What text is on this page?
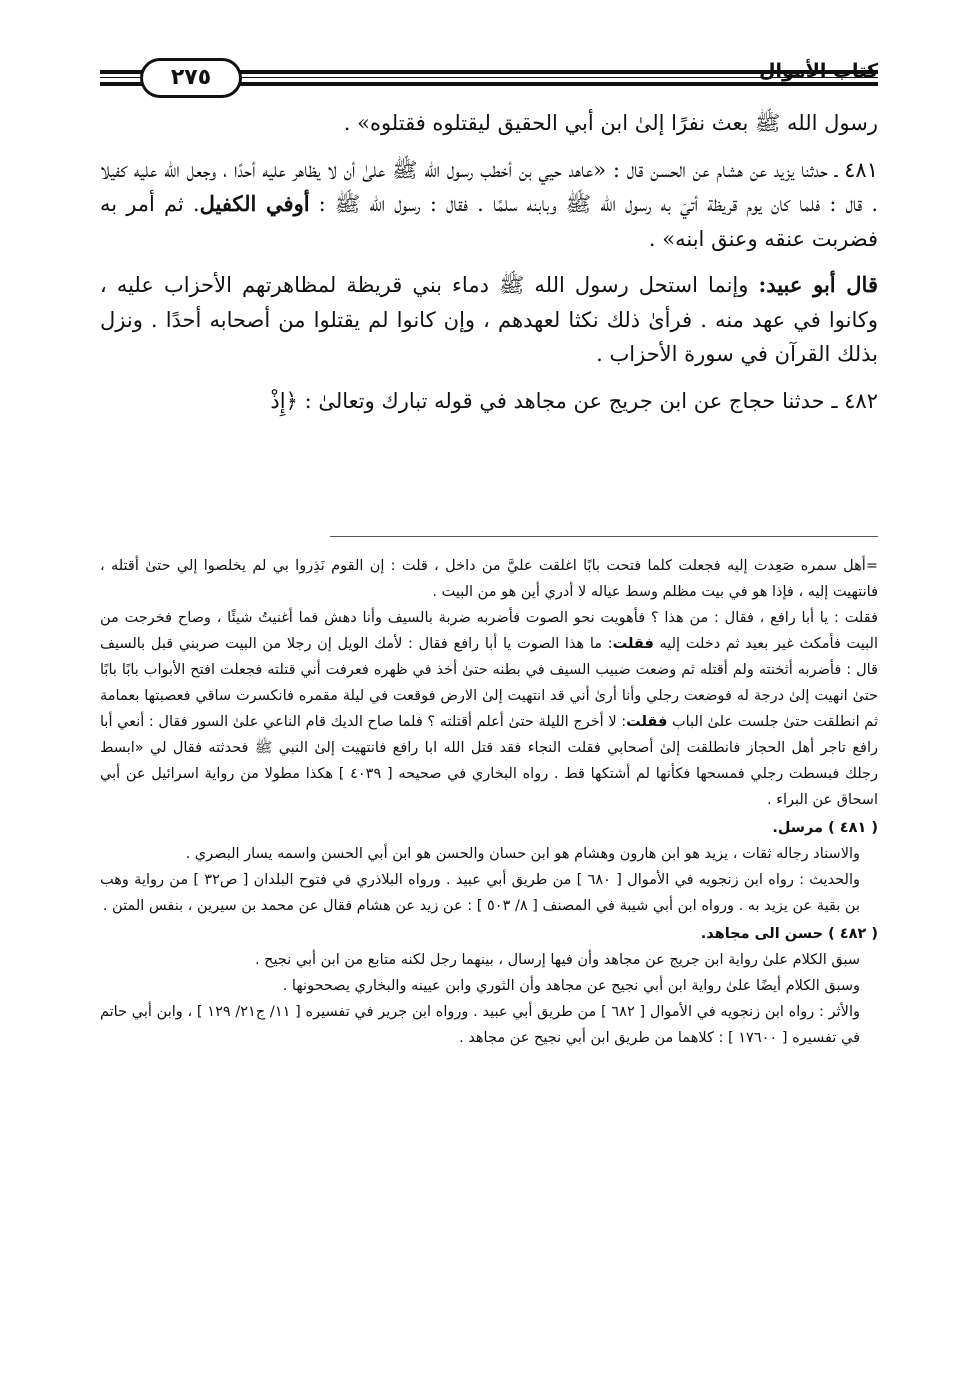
٢٧٥

رسول الله ﷺ بعث نفرًا إلىٰ ابن أبي الحقيق ليقتلوه فقتلوه» .

٤٨١ ـ حدثنا يزيد عن هشام عن الحسن قال : «عاهد حيي بن أخطب رسول الله ﷺ علىٰ أن لا يظاهر عليه أحدًا ، وجعل الله عليه كفيلا . قال : فلما كان يوم قريظة أتيَ به رسول الله ﷺ وبابنه سلمًا . فقال : رسول الله ﷺ : أوفي الكفيل. ثم أمر به فضربت عنقه وعنق ابنه» .

قال أبو عبيد: وإنما استحل رسول الله ﷺ دماء بني قريظة لمظاهرتهم الأحزاب عليه ، وكانوا في عهد منه . فرأىٰ ذلك نكثا لعهدهم ، وإن كانوا لم يقتلوا من أصحابه أحدًا . ونزل بذلك القرآن في سورة الأحزاب .

٤٨٢ ـ حدثنا حجاج عن ابن جريج عن مجاهد في قوله تبارك وتعالىٰ : ﴿إِذْ

=أهل سمره صَعِدت إليه فجعلت كلما فتحت بابًا اغلقت عليَّ من داخل ، قلت : إن القوم نَذِروا بي لم يخلصوا إلي حتىٰ أقتله ، فانتهيت إليه ، فإذا هو في بيت مظلم وسط عياله لا أدري أين هو من البيت .

فقلت : يا أبا رافع ، فقال : من هذا ؟ فأهويت نحو الصوت فأضربه ضربة بالسيف وأنا دهش فما أغنيتُ شيئًا ، وصاح فخرجت من البيت فأمكث غير بعيد ثم دخلت إليه فقلت: ما هذا الصوت يا أبا رافع فقال : لأمك الويل إن رجلا من البيت صربني قبل بالسيف قال : فأضربه أثخنته ولم أقتله ثم وضعت ضبيب السيف في بطنه حتىٰ أخذ في ظهره فعرفت أني قتلته فجعلت افتح الأبواب بابًا بابًا حتىٰ انهيت إلىٰ درجة له فوضعت رجلي وأنا أرىٰ أني قد انتهيت إلىٰ الارض فوقعت في ليلة مقمره فانكسرت ساقي فعصبتها بعمامة ثم انطلقت حتىٰ جلست علىٰ الباب فقلت: لا أخرج الليلة حتىٰ أعلم أقتلته ؟ فلما صاح الديك قام الناعي علىٰ السور فقال : أنعي أبا رافع تاجر أهل الحجاز فانطلقت إلىٰ أصحابي فقلت النجاء فقد قتل الله ابا رافع فانتهيت إلىٰ النبي ﷺ فحدثته فقال لي «ابسط رجلك فبسطت رجلي فمسحها فكأنها لم أشتكها قط . رواه البخاري في صحيحه [ ٤٠٣٩ ] هكذا مطولا من رواية اسرائيل عن أبي اسحاق عن البراء .

( ٤٨١ ) مرسل.

والاسناد رجاله ثقات ، يزيد هو ابن هارون وهشام هو ابن حسان والحسن هو ابن أبي الحسن واسمه يسار البصري .

والحديث : رواه ابن زنجويه في الأموال [ ٦٨٠ ] من طريق أبي عبيد . ورواه البلاذري في فتوح البلدان [ ص٣٢ ] من رواية وهب بن بقية عن يزيد به . ورواه ابن أبي شيبة في المصنف [ ٨/ ٥٠٣ ] : عن زيد عن هشام فقال عن محمد بن سيرين ، بنفس المتن .

( ٤٨٢ ) حسن الى مجاهد.

سبق الكلام علىٰ رواية ابن جريج عن مجاهد وأن فيها إرسال ، بينهما رجل لكنه متابع من ابن أبي نجيح .

وسبق الكلام أيضًا علىٰ رواية ابن أبي نجيح عن مجاهد وأن الثوري وابن عيينه والبخاري يصححونها .

والأثر : رواه ابن زنجويه في الأموال [ ٦٨٢ ] من طريق أبي عبيد . ورواه ابن جرير في تفسيره [ ١١/ ج٢١/ ١٢٩ ] ، وابن أبي حاتم في تفسيره [ ١٧٦٠٠ ] : كلاهما من طريق ابن أبي نجيح عن مجاهد .
